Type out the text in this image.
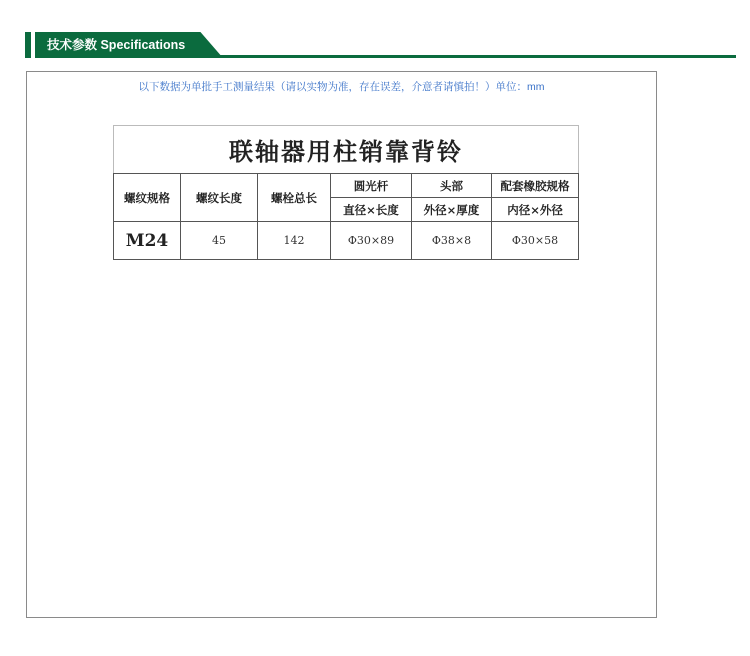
技术参数 Specifications
以下数据为单批手工测量结果（请以实物为准，存在误差，介意者请慎拍！）单位：mm
联轴器用柱销靠背铃					
螺纹规格	螺纹长度	螺栓总长	圆光杆	头部	配套橡胶规格
			直径×长度	外径×厚度	内径×外径
M24	45	142	Φ30×89	Φ38×8	Φ30×58
